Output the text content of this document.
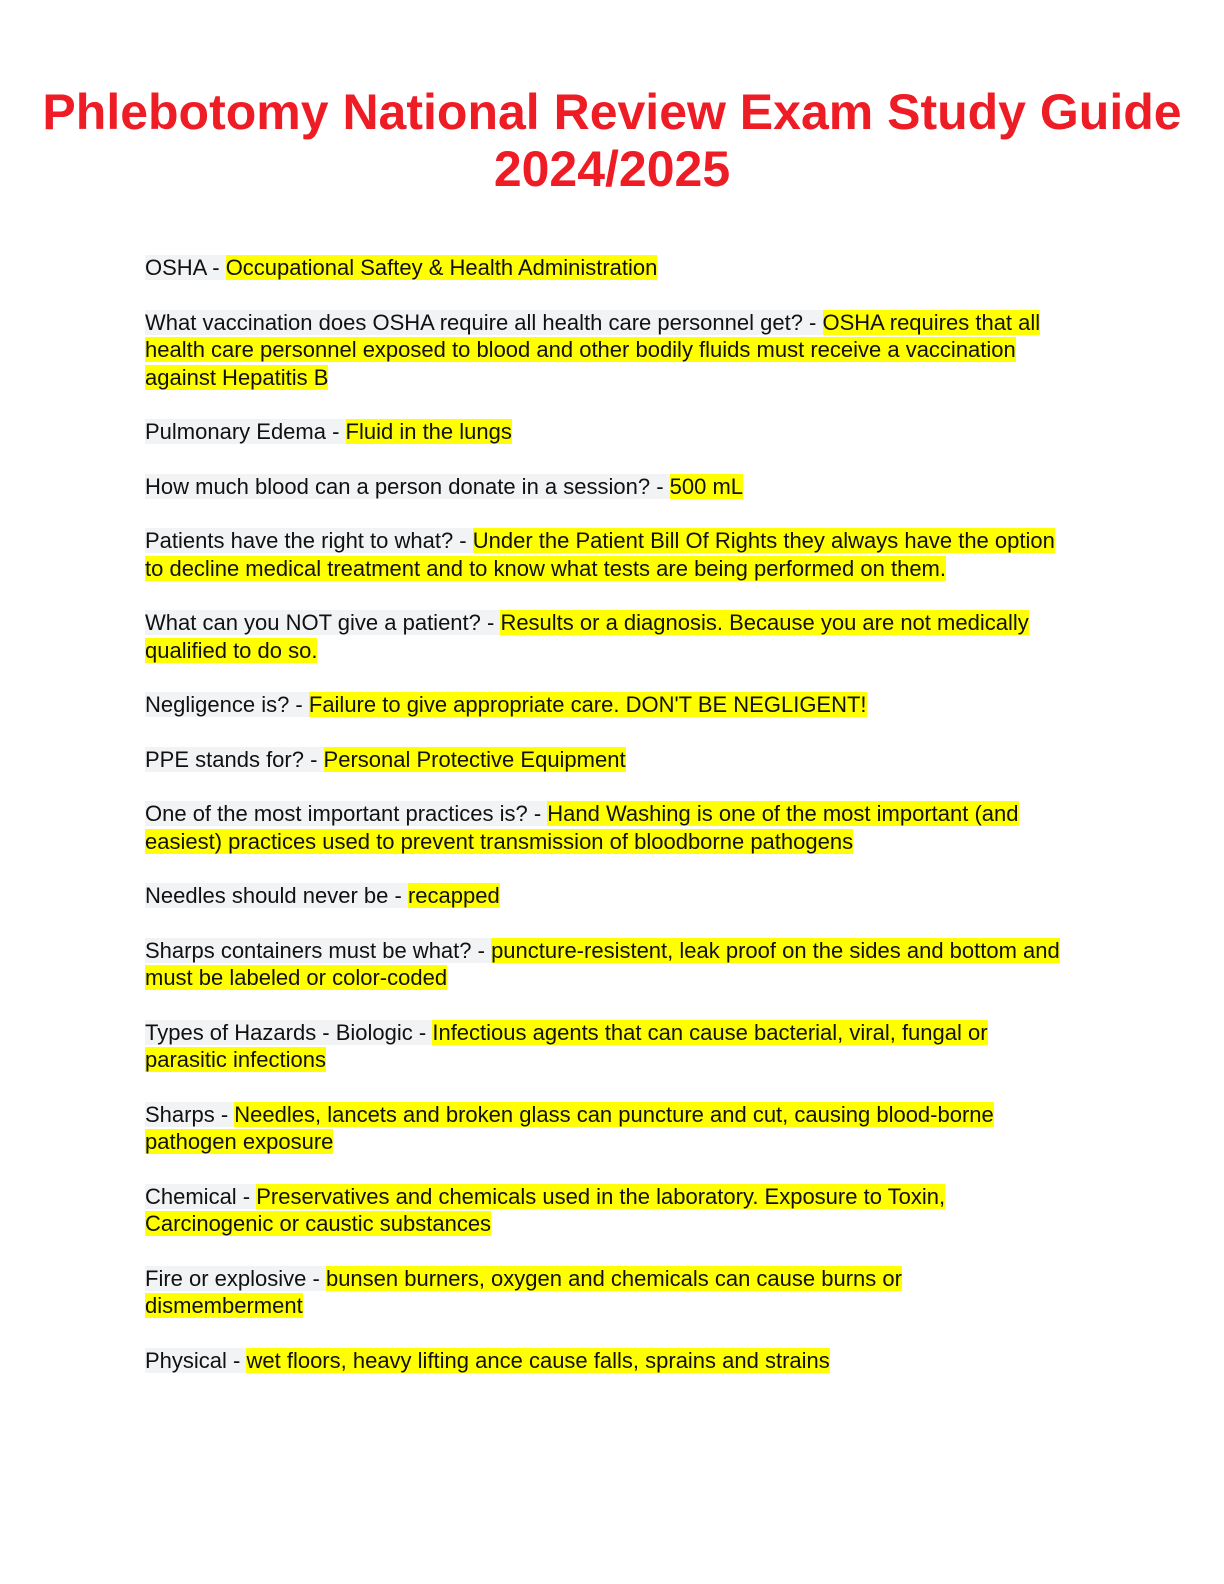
Phlebotomy National Review Exam Study Guide 2024/2025

OSHA - Occupational Saftey & Health Administration

What vaccination does OSHA require all health care personnel get? - OSHA requires that all health care personnel exposed to blood and other bodily fluids must receive a vaccination against Hepatitis B

Pulmonary Edema - Fluid in the lungs

How much blood can a person donate in a session? - 500 mL

Patients have the right to what? - Under the Patient Bill Of Rights they always have the option to decline medical treatment and to know what tests are being performed on them.

What can you NOT give a patient? - Results or a diagnosis. Because you are not medically qualified to do so.

Negligence is? - Failure to give appropriate care. DON'T BE NEGLIGENT!

PPE stands for? - Personal Protective Equipment

One of the most important practices is? - Hand Washing is one of the most important (and easiest) practices used to prevent transmission of bloodborne pathogens

Needles should never be - recapped

Sharps containers must be what? - puncture-resistent, leak proof on the sides and bottom and must be labeled or color-coded

Types of Hazards - Biologic - Infectious agents that can cause bacterial, viral, fungal or parasitic infections

Sharps - Needles, lancets and broken glass can puncture and cut, causing blood-borne pathogen exposure

Chemical - Preservatives and chemicals used in the laboratory. Exposure to Toxin, Carcinogenic or caustic substances

Fire or explosive - bunsen burners, oxygen and chemicals can cause burns or dismemberment

Physical - wet floors, heavy lifting ance cause falls, sprains and strains
